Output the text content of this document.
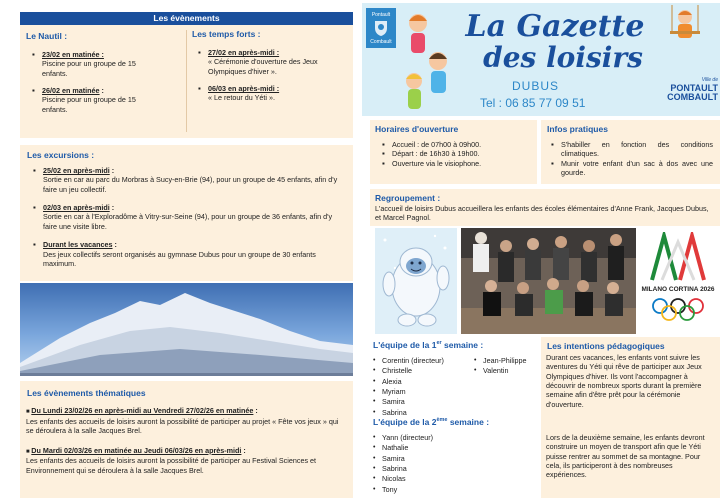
Les évènements
Le Nautil :
▪ 23/02 en matinée :
Piscine pour un groupe de 15 enfants.
▪ 26/02 en matinée :
Piscine pour un groupe de 15 enfants.
Les temps forts :
▪ 27/02 en après-midi :
« Cérémonie d'ouverture des Jeux Olympiques d'hiver ».
▪ 06/03 en après-midi :
« Le retour du Yéti ».
Les excursions :
▪ 25/02 en après-midi :
Sortie en car au parc du Morbras à Sucy-en-Brie (94), pour un groupe de 45 enfants, afin d'y faire un jeu collectif.
▪ 02/03 en après-midi :
Sortie en car à l'Exploradôme à Vitry-sur-Seine (94), pour un groupe de 36 enfants, afin d'y faire une visite libre.
▪ Durant les vacances :
Des jeux collectifs seront organisés au gymnase Dubus pour un groupe de 30 enfants maximum.
Les évènements thématiques
■ Du Lundi 23/02/26 en après-midi au Vendredi 27/02/26 en matinée :
Les enfants des accueils de loisirs auront la possibilité de participer au projet « Fête vos jeux » qui se déroulera à la salle Jacques Brel.
■ Du Mardi 02/03/26 en matinée au Jeudi 06/03/26 en après-midi :
Les enfants des accueils de loisirs auront la possibilité de participer au Festival Sciences et Environnement qui se déroulera à la salle Jacques Brel.
Pontault
Combault La Gazette
des loisirs
DUBUS
Tel : 06 85 77 09 51
Ville de
PONTAULT
COMBAULT
Horaires d'ouverture
▪ Accueil : de 07h00 à 09h00.
▪ Départ : de 16h30 à 19h00.
▪ Ouverture via le visiophone.
Infos pratiques
▪ S'habiller en fonction des conditions climatiques.
▪ Munir votre enfant d'un sac à dos avec une gourde.
Regroupement :
L'accueil de loisirs Dubus accueillera les enfants des écoles élémentaires d'Anne Frank, Jacques Dubus, et Marcel Pagnol.
MILANO CORTINA 2026
L'équipe de la 1er semaine :
• Corentin (directeur)
• Christelle
• Alexia
• Myriam
• Samira
• Sabrina
• Jean-Philippe
• Valentin
L'équipe de la 2ème semaine :
• Yann (directeur)
• Nathalie
• Samira
• Sabrina
• Nicolas
• Tony
Les intentions pédagogiques
Durant ces vacances, les enfants vont suivre les aventures du Yéti qui rêve de participer aux Jeux Olympiques d'hiver. Ils vont l'accompagner à découvrir de nombreux sports durant la première semaine afin d'être prêt pour la cérémonie d'ouverture.
Lors de la deuxième semaine, les enfants devront construire un moyen de transport afin que le Yéti puisse rentrer au sommet de sa montagne. Pour cela, ils participeront à des nombreuses expériences.
